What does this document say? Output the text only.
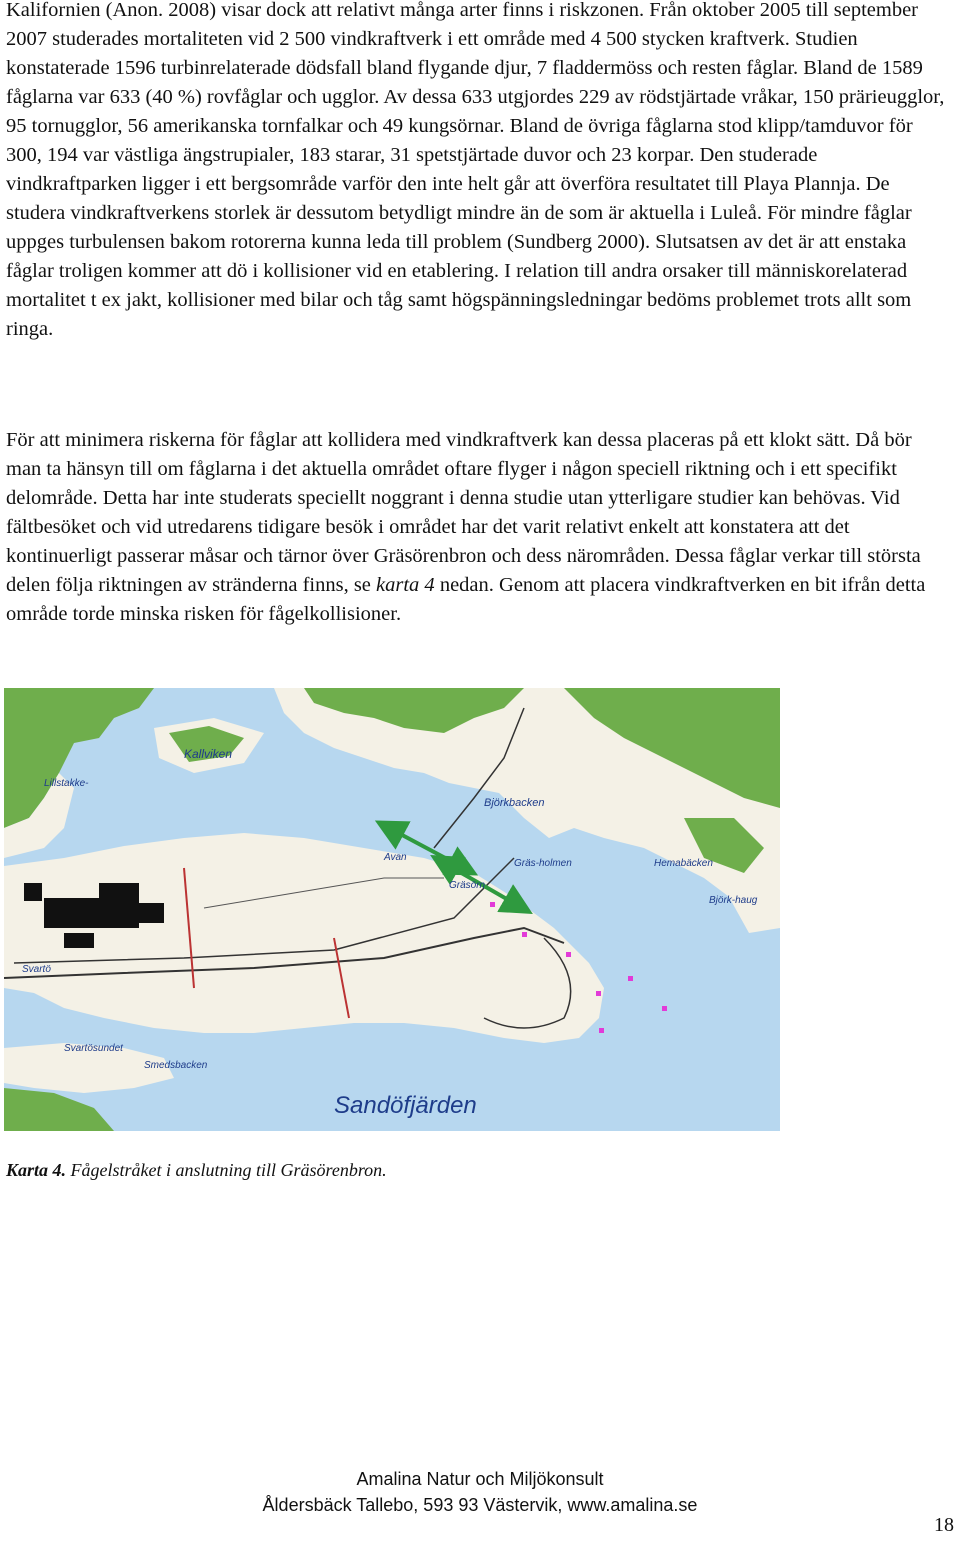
Kalifornien (Anon. 2008) visar dock att relativt många arter finns i riskzonen. Från oktober 2005 till september 2007 studerades mortaliteten vid 2 500 vindkraftverk i ett område med 4 500 stycken kraftverk. Studien konstaterade 1596 turbinrelaterade dödsfall bland flygande djur, 7 fladdermöss och resten fåglar. Bland de 1589 fåglarna var 633 (40 %) rovfåglar och ugglor. Av dessa 633 utgjordes 229 av rödstjärtade vråkar, 150 prärieugglor, 95 tornugglor, 56 amerikanska tornfalkar och 49 kungsörnar. Bland de övriga fåglarna stod klipp/tamduvor för 300, 194 var västliga ängstrupialer, 183 starar, 31 spetstjärtade duvor och 23 korpar. Den studerade vindkraftparken ligger i ett bergsområde varför den inte helt går att överföra resultatet till Playa Plannja. De studera vindkraftverkens storlek är dessutom betydligt mindre än de som är aktuella i Luleå. För mindre fåglar uppges turbulensen bakom rotorerna kunna leda till problem (Sundberg 2000). Slutsatsen av det är att enstaka fåglar troligen kommer att dö i kollisioner vid en etablering. I relation till andra orsaker till människorelaterad mortalitet t ex jakt, kollisioner med bilar och tåg samt högspänningsledningar bedöms problemet trots allt som ringa.

För att minimera riskerna för fåglar att kollidera med vindkraftverk kan dessa placeras på ett klokt sätt. Då bör man ta hänsyn till om fåglarna i det aktuella området oftare flyger i någon speciell riktning och i ett specifikt delområde. Detta har inte studerats speciellt noggrant i denna studie utan ytterligare studier kan behövas. Vid fältbesöket och vid utredarens tidigare besök i området har det varit relativt enkelt att konstatera att det kontinuerligt passerar måsar och tärnor över Gräsörenbron och dess närområden. Dessa fåglar verkar till största delen följa riktningen av stränderna finns, se karta 4 nedan. Genom att placera vindkraftverken en bit ifrån detta område torde minska risken för fågelkollisioner.

Kallviken
Björkbacken
Lillstakke-
Avan
Gräsörn
Gräs-holmen	Hemabäcken
Björk-haug
Svartö
Svartösundet
Smedsbacken
Sandöfjärden
Karta 4. Fågelstråket i anslutning till Gräsörenbron.
Amalina Natur och Miljökonsult
Åldersbäck Tallebo, 593 93 Västervik, www.amalina.se
18
